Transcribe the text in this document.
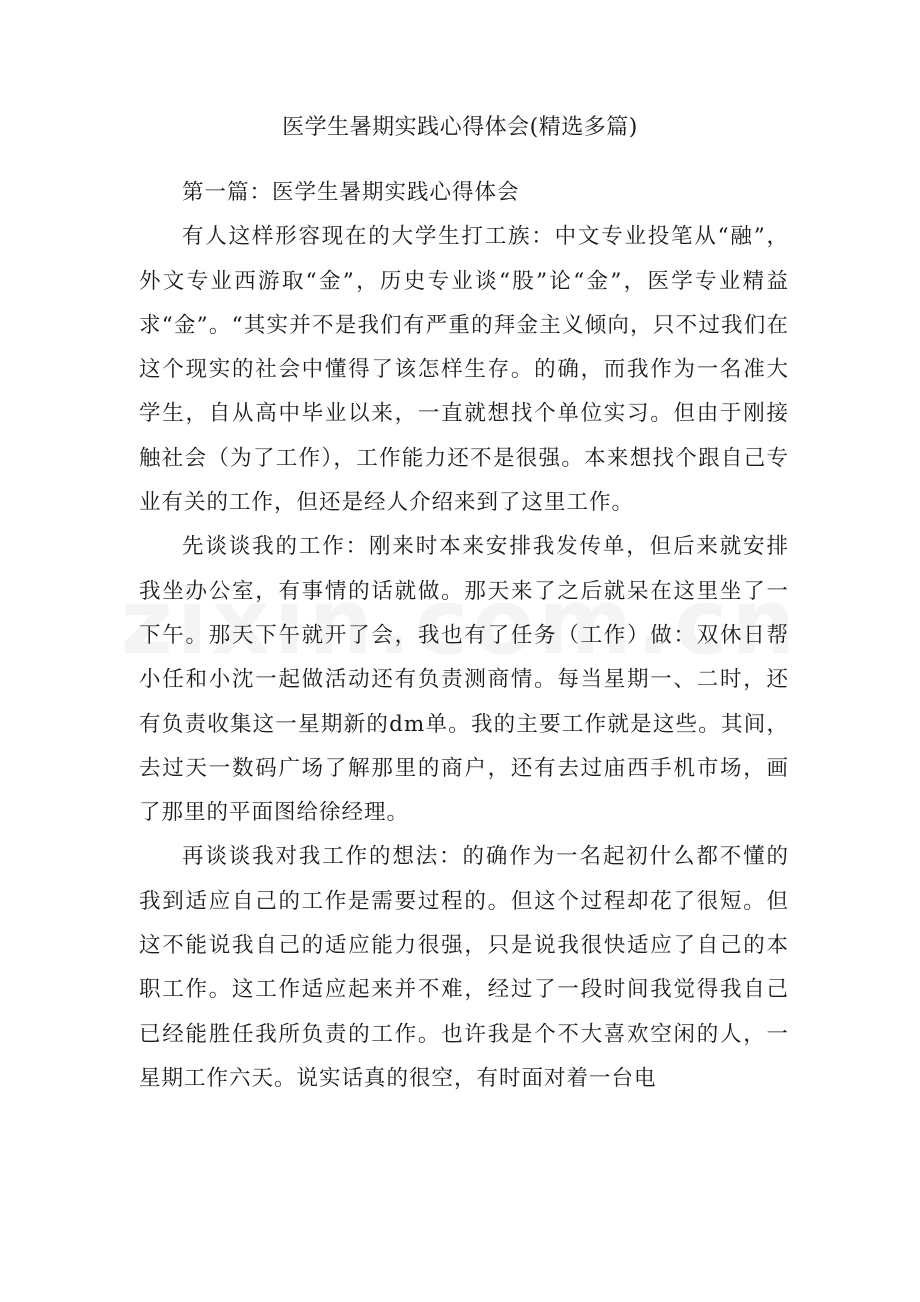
医学生暑期实践心得体会(精选多篇)

第一篇：医学生暑期实践心得体会

有人这样形容现在的大学生打工族：中文专业投笔从“融”，外文专业西游取“金”，历史专业谈“股”论“金”，医学专业精益求“金”。“其实并不是我们有严重的拜金主义倾向，只不过我们在这个现实的社会中懂得了该怎样生存。的确，而我作为一名准大学生，自从高中毕业以来，一直就想找个单位实习。但由于刚接触社会（为了工作），工作能力还不是很强。本来想找个跟自己专业有关的工作，但还是经人介绍来到了这里工作。

先谈谈我的工作：刚来时本来安排我发传单，但后来就安排我坐办公室，有事情的话就做。那天来了之后就呆在这里坐了一下午。那天下午就开了会，我也有了任务（工作）做：双休日帮小任和小沈一起做活动还有负责测商情。每当星期一、二时，还有负责收集这一星期新的dm单。我的主要工作就是这些。其间，去过天一数码广场了解那里的商户，还有去过庙西手机市场，画了那里的平面图给徐经理。

再谈谈我对我工作的想法：的确作为一名起初什么都不懂的我到适应自己的工作是需要过程的。但这个过程却花了很短。但这不能说我自己的适应能力很强，只是说我很快适应了自己的本职工作。这工作适应起来并不难，经过了一段时间我觉得我自己已经能胜任我所负责的工作。也许我是个不大喜欢空闲的人，一星期工作六天。说实话真的很空，有时面对着一台电
